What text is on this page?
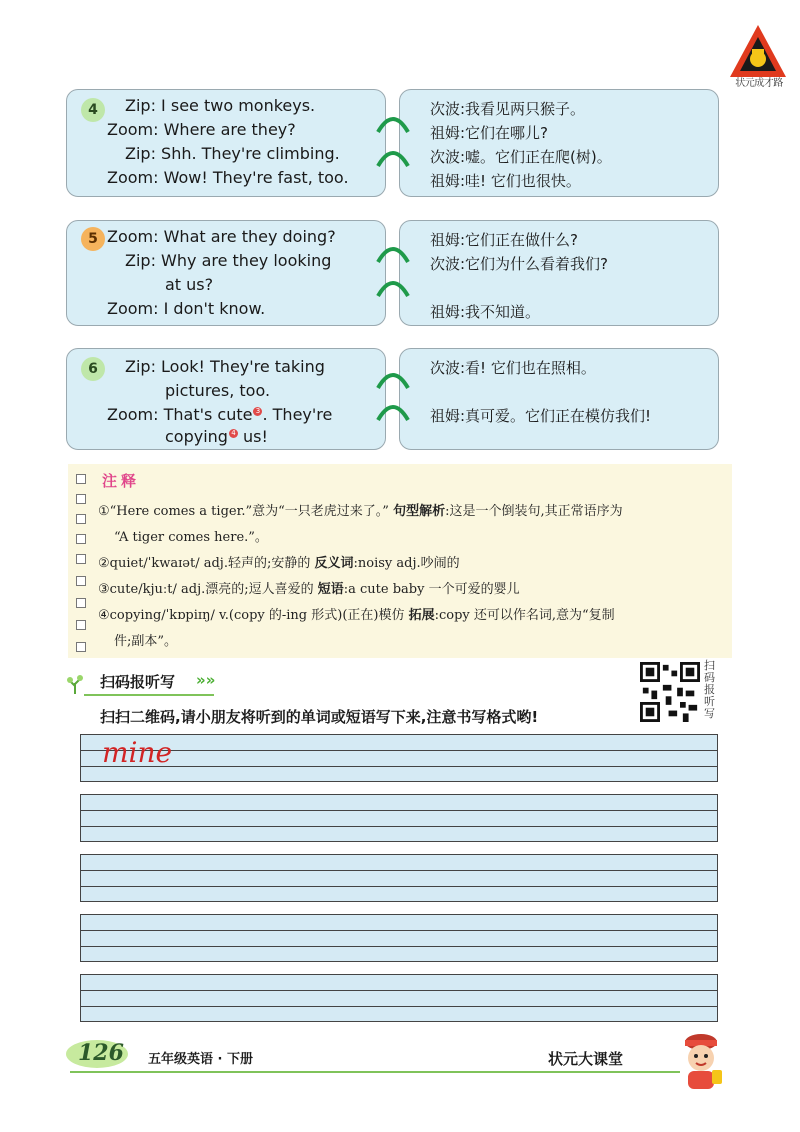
状元成才路
4	Zip: I see two monkeys.
Zoom: Where are they?
Zip: Shh. They're climbing.
Zoom: Wow! They're fast, too.
次波:我看见两只猴子。
祖姆:它们在哪儿?
次波:嘘。它们正在爬(树)。
祖姆:哇! 它们也很快。
5 Zoom: What are they doing?
Zip: Why are they looking
at us?
Zoom: I don't know.
祖姆:它们正在做什么?
次波:它们为什么看着我们?
祖姆:我不知道。
6	Zip: Look! They're taking
pictures, too.
Zoom: That's cute $^3$ . They're
copying $^4$ us!
次波:看! 它们也在照相。
祖姆:真可爱。它们正在模仿我们!
注释
①“Here comes a tiger.”意为“一只老虎过来了。” 句型解析:这是一个倒装句,其正常语序为
“A tiger comes here.”。
②quiet/ˈkwaɪət/ adj.轻声的;安静的 反义词:noisy adj.吵闹的
③cute/kjuːt/ adj.漂亮的;逗人喜爱的 短语:a cute baby 一个可爱的婴儿
④copying/ˈkɒpiɪŋ/ v.(copy 的-ing 形式)(正在)模仿 拓展:copy 还可以作名词,意为“复制
件;副本”。
扫码报听写 »»
扫扫二维码,请小朋友将听到的单词或短语写下来,注意书写格式哟!
扫码报听写
mine
126 五年级英语 · 下册	状元大课堂
